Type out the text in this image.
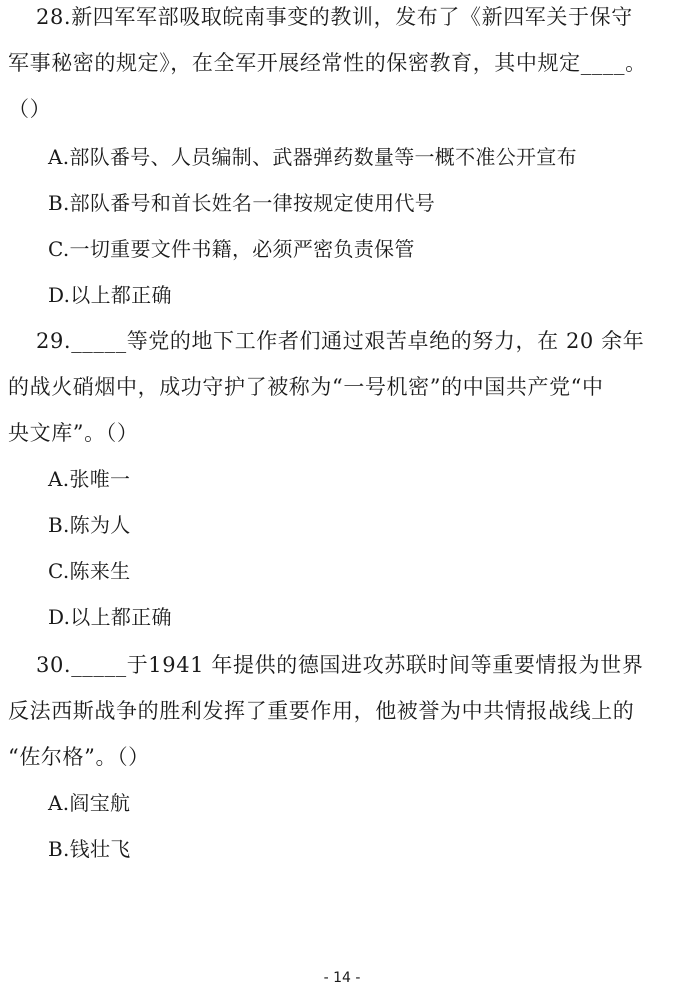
28.新四军军部吸取皖南事变的教训，发布了《新四军关于保守
军事秘密的规定》，在全军开展经常性的保密教育，其中规定____。
（）
A.部队番号、人员编制、武器弹药数量等一概不准公开宣布
B.部队番号和首长姓名一律按规定使用代号
C.一切重要文件书籍，必须严密负责保管
D.以上都正确
29._____等党的地下工作者们通过艰苦卓绝的努力，在 20 余年
的战火硝烟中，成功守护了被称为“一号机密”的中国共产党“中
央文库”。（）
A.张唯一
B.陈为人
C.陈来生
D.以上都正确
30._____于1941 年提供的德国进攻苏联时间等重要情报为世界
反法西斯战争的胜利发挥了重要作用，他被誉为中共情报战线上的
“佐尔格”。（）
A.阎宝航
B.钱壮飞
- 14 -
